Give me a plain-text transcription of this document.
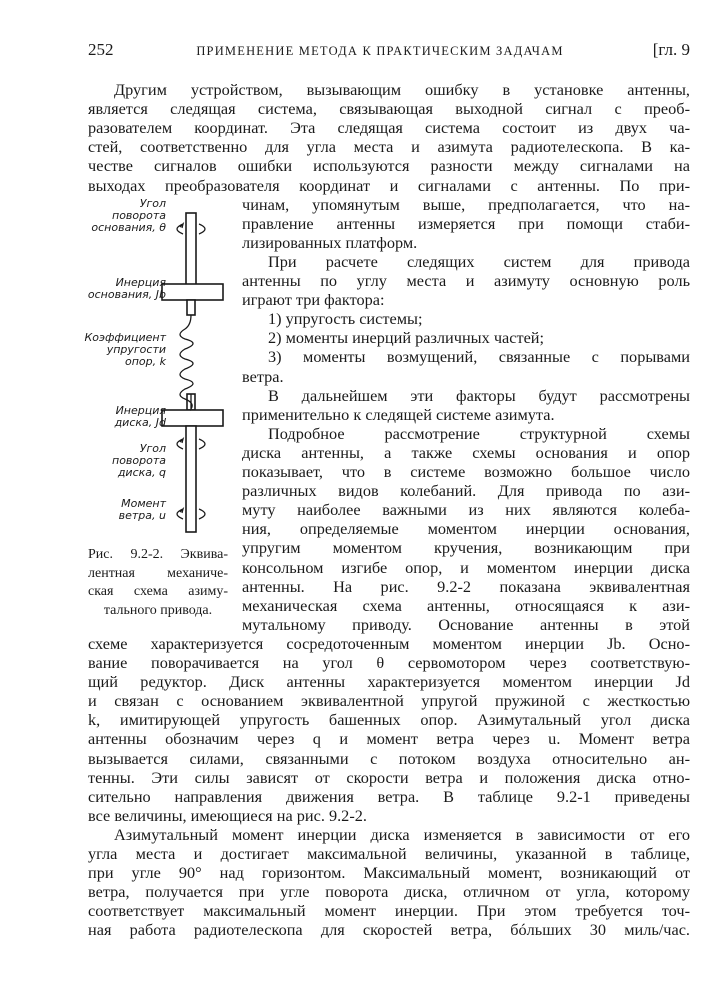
252	ПРИМЕНЕНИЕ МЕТОДА К ПРАКТИЧЕСКИМ ЗАДАЧАМ	[гл. 9
Другим устройством, вызывающим ошибку в установке антенны,
является следящая система, связывающая выходной сигнал с преоб-
разователем координат. Эта следящая система состоит из двух ча-
стей, соответственно для угла места и азимута радиотелескопа. В ка-
честве сигналов ошибки используются разности между сигналами на
выходах преобразователя координат и сигналами с антенны. По при-
чинам, упомянутым выше, предполагается, что на-
правление антенны измеряется при помощи стаби-
лизированных платформ.
При расчете следящих систем для привода
антенны по углу места и азимуту основную роль
играют три фактора:
1) упругость системы;
2) моменты инерций различных частей;
3) моменты возмущений, связанные с порывами
ветра.
В дальнейшем эти факторы будут рассмотрены
применительно к следящей системе азимута.
Подробное рассмотрение структурной схемы
диска антенны, а также схемы основания и опор
показывает, что в системе возможно большое число
различных видов колебаний. Для привода по ази-
муту наиболее важными из них являются колеба-
ния, определяемые моментом инерции основания,
упругим моментом кручения, возникающим при
консольном изгибе опор, и моментом инерции диска
антенны. На рис. 9.2-2 показана эквивалентная
механическая схема антенны, относящаяся к ази-
мутальному приводу. Основание антенны в этой
схеме характеризуется сосредоточенным моментом инерции Jb. Осно-
вание поворачивается на угол θ сервомотором через соответствую-
щий редуктор. Диск антенны характеризуется моментом инерции Jd
и связан с основанием эквивалентной упругой пружиной с жесткостью
k, имитирующей упругость башенных опор. Азимутальный угол диска
антенны обозначим через q и момент ветра через u. Момент ветра
вызывается силами, связанными с потоком воздуха относительно ан-
тенны. Эти силы зависят от скорости ветра и положения диска отно-
сительно направления движения ветра. В таблице 9.2-1 приведены
все величины, имеющиеся на рис. 9.2-2.
Азимутальный момент инерции диска изменяется в зависимости от его
угла места и достигает максимальной величины, указанной в таблице,
при угле 90° над горизонтом. Максимальный момент, возникающий от
ветра, получается при угле поворота диска, отличном от угла, которому
соответствует максимальный момент инерции. При этом требуется точ-
ная работа радиотелескопа для скоростей ветра, бóльших 30 миль/час.
Угол
поворота
основания, θ
Инерция
основания, Jb
Коэффициент
упругости
опор, k
Инерция
диска, Jd
Угол
поворота
диска, q
Момент
ветра, u
Рис. 9.2-2. Эквива-
лентная механиче-
ская схема азиму-
тального привода.
